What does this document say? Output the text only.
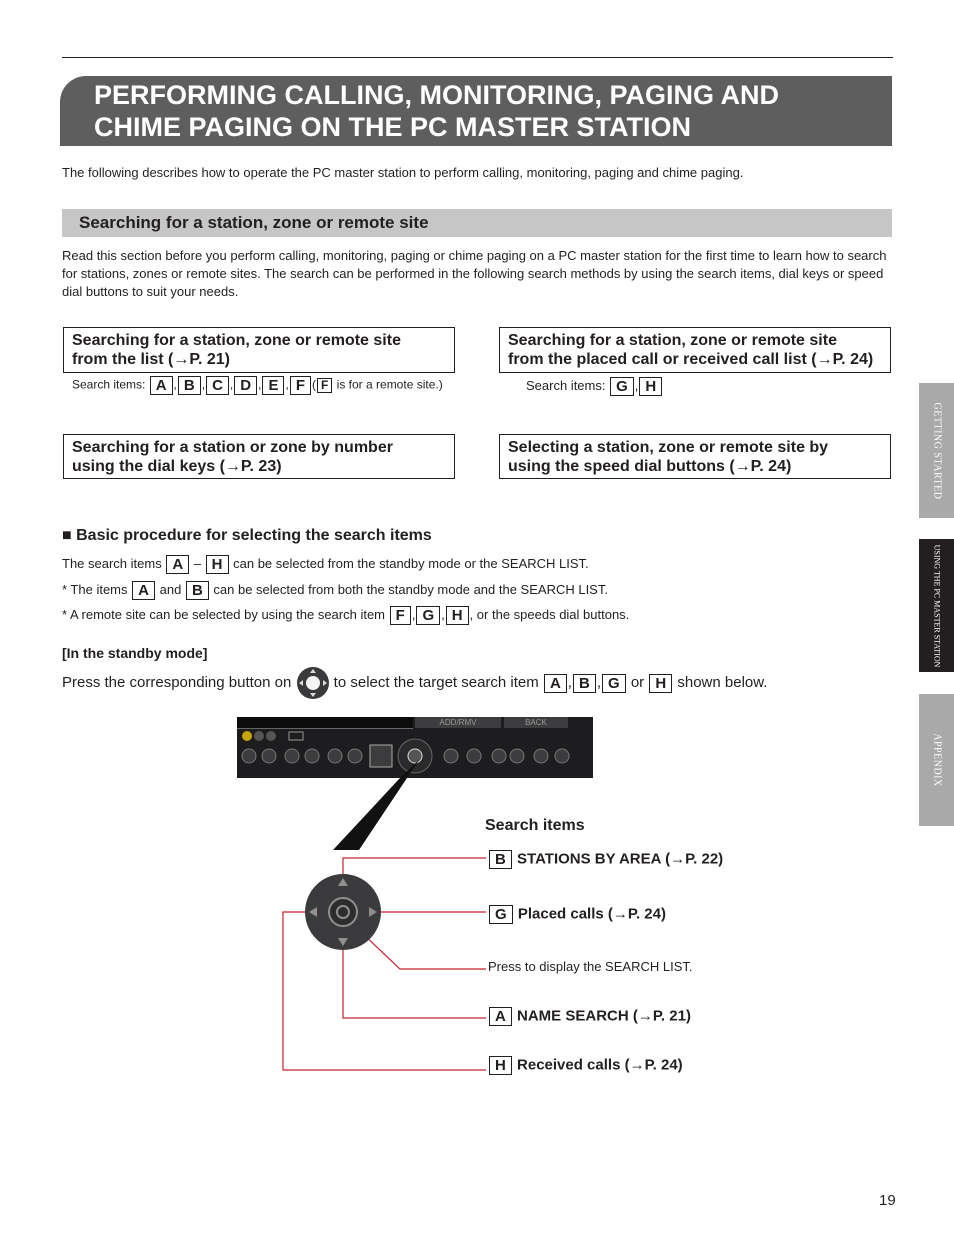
PERFORMING CALLING, MONITORING, PAGING AND
CHIME PAGING ON THE PC MASTER STATION
The following describes how to operate the PC master station to perform calling, monitoring, paging and chime paging.
Searching for a station, zone or remote site
Read this section before you perform calling, monitoring, paging or chime paging on a PC master station for the first time to learn how to search for stations, zones or remote sites. The search can be performed in the following search methods by using the search items, dial keys or speed dial buttons to suit your needs.
Searching for a station, zone or remote site
from the list (→P. 21)
Search items: A , B , C , D , E , F ( F is for a remote site.)
Searching for a station, zone or remote site
from the placed call or received call list (→P. 24)
Search items: G , H
Searching for a station or zone by number
using the dial keys (→P. 23)
Selecting a station, zone or remote site by
using the speed dial buttons (→P. 24)
■ Basic procedure for selecting the search items
The search items A – H can be selected from the standby mode or the SEARCH LIST.
* The items A and B can be selected from both the standby mode and the SEARCH LIST.
* A remote site can be selected by using the search item F , G , H , or the speeds dial buttons.
[In the standby mode]
Press the corresponding button on	to select the target search item A , B , G or H shown below.
ADD/RMV	BACK
Search items
B STATIONS BY AREA (→P. 22)
G Placed calls (→P. 24)
Press to display the SEARCH LIST.
A NAME SEARCH (→P. 21)
H Received calls (→P. 24)
GETTING STARTED
USING THE PC MASTER STATION
APPENDIX
19
